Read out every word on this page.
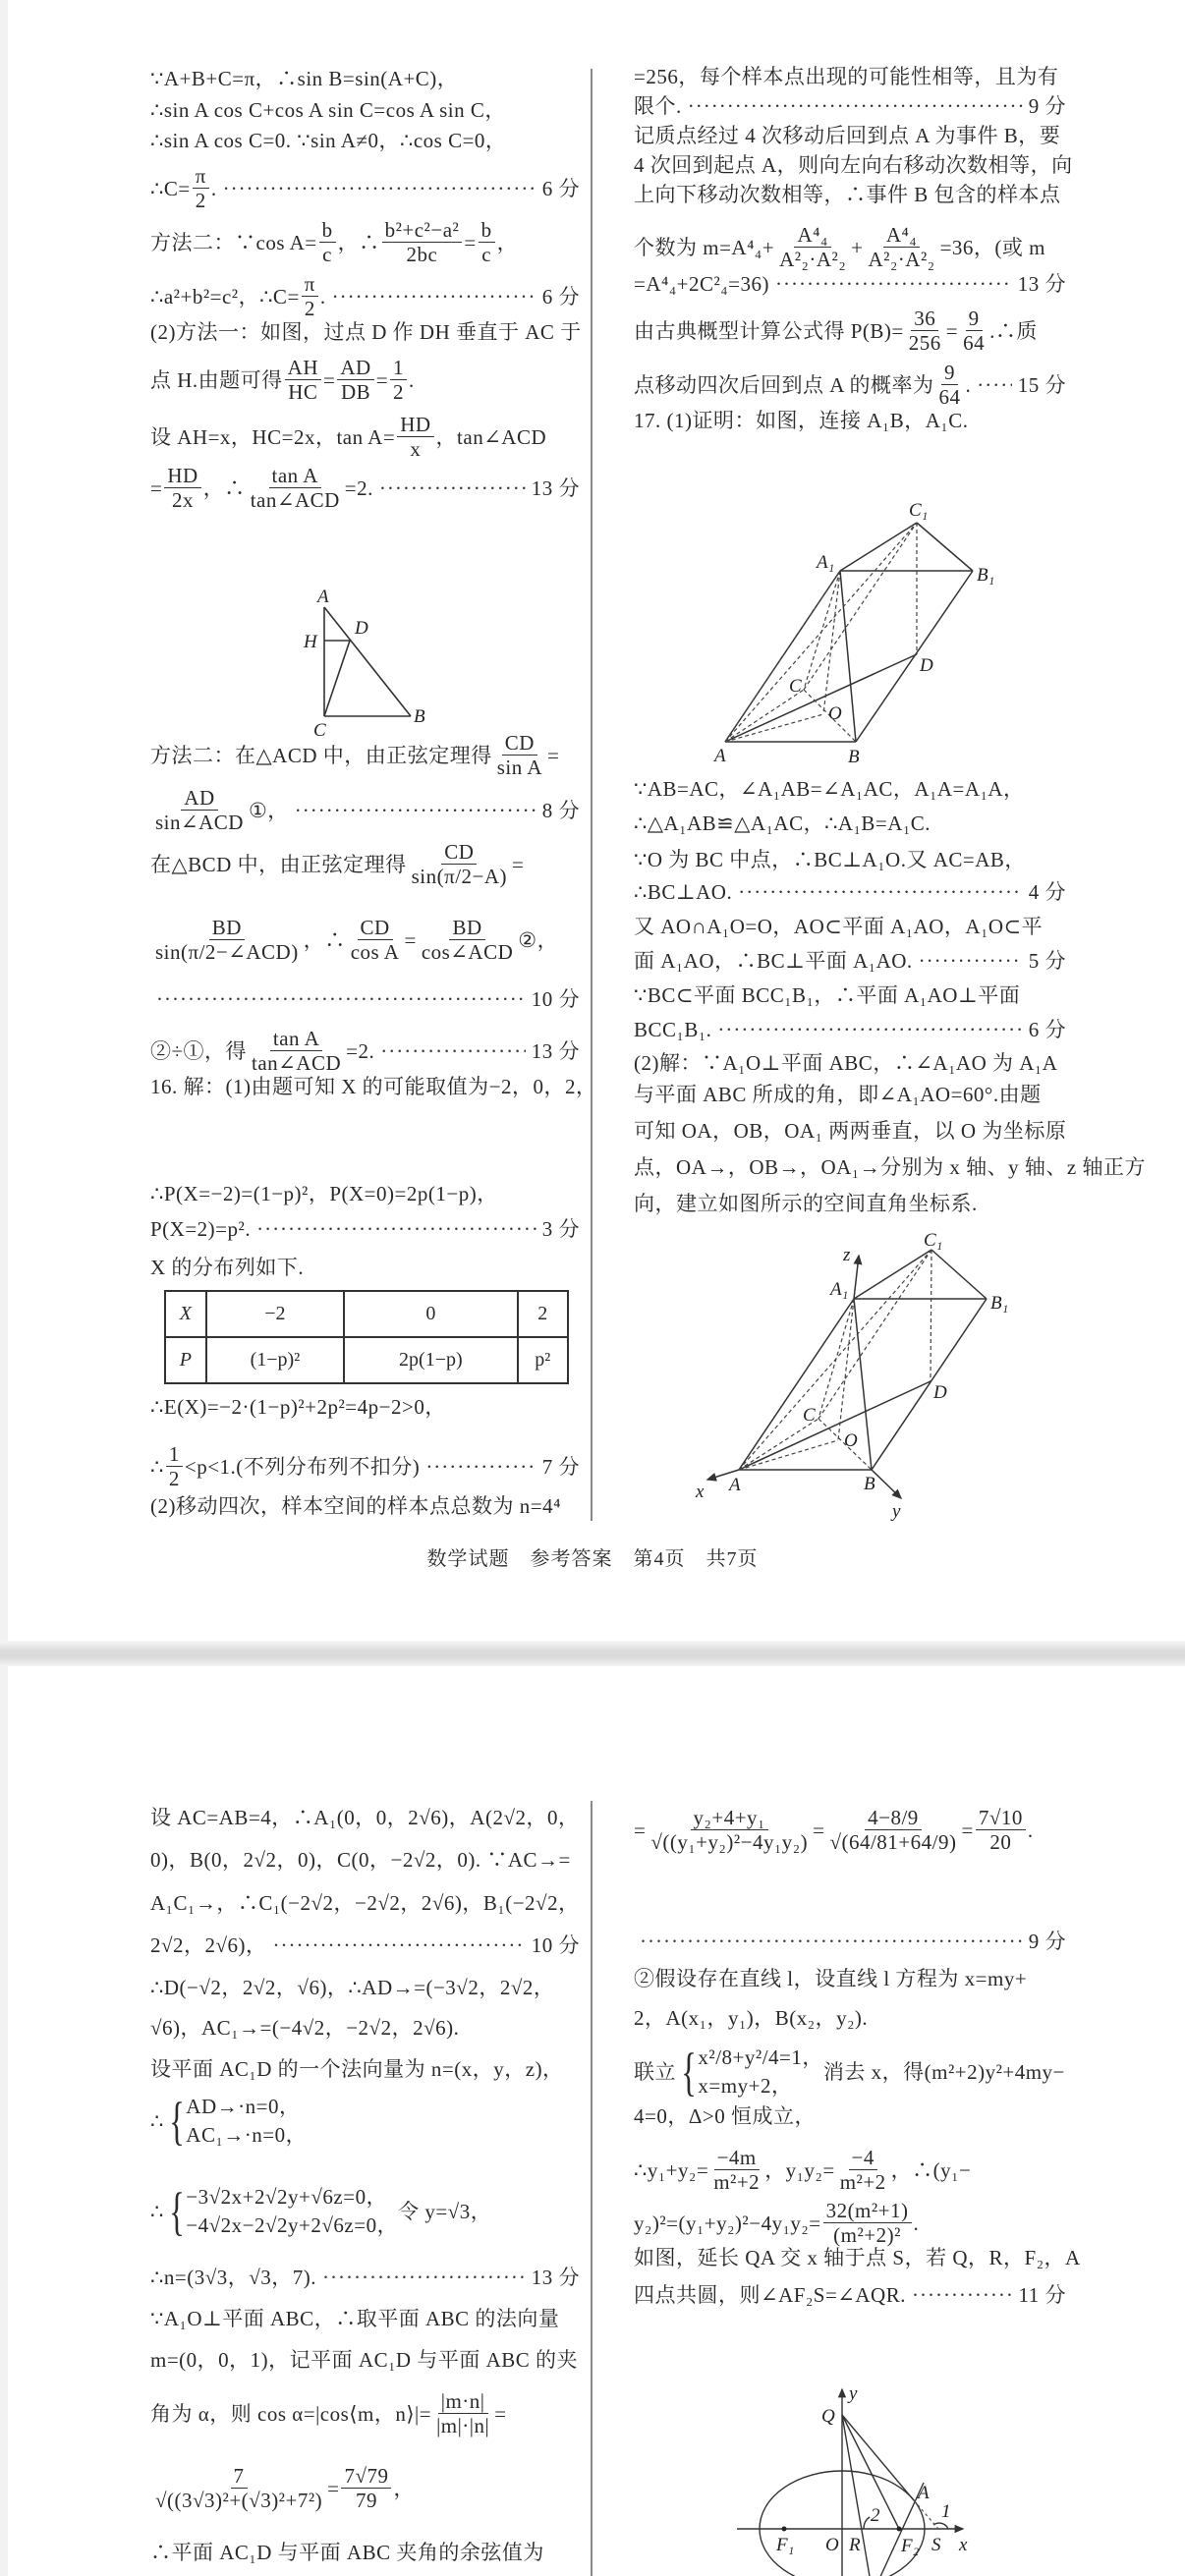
X	−2	0	2
P	(1−p)²	2p(1−p)	p²
A
H
D
C
B
C₁
A₁
B₁
D
C
O
A	B
C₁
A₁
B₁
D
C
O
A	B
x
y
z
y
Q
A
2	1
F₁ O R F₂ S x
数学试题　参考答案　第4页　共7页
∵A+B+C=π，∴sin B=sin(A+C)，
∴sin A cos C+cos A sin C=cos A sin C，
∴sin A cos C=0. ∵sin A≠0，∴cos C=0，
∴C= $\frac{\pi}{2}$ . ·····	6 分
方法二：∵cos $A= \frac{b}{c}$ ，∴ $\frac{\text{b²+c²−a²}}{2bc} = \frac{b}{c}$ ，
∴a²+b²=c²，∴C= $\frac{\pi}{2}$ . ·····	6 分
(2)方法一：如图，过点 D 作 DH 垂直于 AC 于
点 H.由题可得 $\frac{AH}{HC} = \frac{AD}{DB} = \frac{1}{2}$ .
设 AH=x，HC=2x，$\tan A= \frac{HD}{x}$ ，tan∠ACD
= $\frac{HD}{2x}$ ，∴ $\frac{\text{tan A}}{\text{tan∠ACD}} =2$. ·····	13 分
方法二：在△ACD 中，由正弦定理得 $\frac{CD}{\text{sin A}}$ =
$\frac{AD}{\text{sin∠ACD}}$ ①， ·····	8 分
在△BCD 中，由正弦定理得 $\frac{CD}{\sin(\pi/2-A)}$ =
$\frac{BD}{\text{sin(π/2−∠ACD)}}$ ，∴ $\frac{CD}{\text{cos A}} = \frac{BD}{\text{cos∠ACD}}$ ②，
·····
10 分
②÷①，得 $\frac{\text{tan A}}{\text{tan∠ACD}} =2$. ·····	13 分
16. 解：(1)由题可知 X 的可能取值为−2，0，2，
∴P(X=−2)=(1−p)²，P(X=0)=2p(1−p)，
P(X=2)=p². ·····	3 分
X 的分布列如下.
∴E(X)=−2·(1−p)²+2p²=4p−2>0，
∴ $\frac{1}{2} <p<1$.(不列分布列不扣分) ·····	7 分
(2)移动四次，样本空间的样本点总数为 n=4⁴
=256，每个样本点出现的可能性相等，且为有
限个. ·····	9 分
记质点经过 4 次移动后回到点 A 为事件 B，要
4 次回到起点 A，则向左向右移动次数相等，向
上向下移动次数相等，∴事件 B 包含的样本点
个数为 $m=A^4_4+ \frac{\text{A⁴₄}}{\text{A²₂·A²₂}} + \frac{\text{A⁴₄}}{\text{A²₂·A²₂}} =36$，(或 m
=A⁴₄+2C²₄=36) ·····	13 分
由古典概型计算公式得 $P(B)= \frac{36}{256} = \frac{9}{64}$ .∴质
点移动四次后回到点 A 的概率为 $\frac{9}{64}$ . ····· 15 分
17. (1)证明：如图，连接 A₁B，A₁C.
∵AB=AC，∠A₁AB=∠A₁AC，A₁A=A₁A，
∴△A₁AB≌△A₁AC，∴A₁B=A₁C.
∵O 为 BC 中点，∴BC⊥A₁O.又 AC=AB，
∴BC⊥AO. ·····	4 分
又 AO∩A₁O=O，AO⊂平面 A₁AO，A₁O⊂平
面 A₁AO，∴BC⊥平面 A₁AO. ·····	5 分
∵BC⊂平面 BCC₁B₁，∴平面 A₁AO⊥平面
BCC₁B₁. ·····	6 分
(2)解：∵A₁O⊥平面 ABC，∴∠A₁AO 为 A₁A
与平面 ABC 所成的角，即∠A₁AO=60°.由题
可知 OA，OB，OA₁ 两两垂直，以 O 为坐标原
点，OA→，OB→，OA₁→分别为 x 轴、y 轴、z 轴正方
向，建立如图所示的空间直角坐标系.
设 AC=AB=4，∴A₁(0，0，2√6)，A(2√2，0，
0)，B(0，2√2，0)，C(0，−2√2，0). ∵AC→=
A₁C₁→，∴C₁(−2√2，−2√2，2√6)，B₁(−2√2，
2√2，2√6)， ·····	10 分
∴D(−√2，2√2，√6)，∴AD→=(−3√2，2√2，
√6)，AC₁→=(−4√2，−2√2，2√6).
设平面 AC₁D 的一个法向量为 n=(x，y，z)，
∴ { AD→·n=0，
AC₁→·n=0，
∴ { −3√2x+2√2y+√6z=0，
−4√2x−2√2y+2√6z=0，
令 y=√3，
∴n=(3√3，√3，7). ·····	13 分
∵A₁O⊥平面 ABC，∴取平面 ABC 的法向量
m=(0，0，1)，记平面 AC₁D 与平面 ABC 的夹
角为 α，则 cos α=|cos⟨m，n⟩|= $\frac{|m\cdot n|}{|m|\cdot|n|}$ =
$\frac{7}{\text{√((3√3)²+(√3)²+7²)}} = \frac{7√79}{79}$ ，
∴平面 AC₁D 与平面 ABC 夹角的余弦值为
= $\frac{\text{y₂+4+y₁}}{\text{√((y₁+y₂)²−4y₁y₂)}} = \frac{4-8/9}{√(64/81+64/9)} = \frac{7√10}{20}$ .
·····
9 分
②假设存在直线 l，设直线 l 方程为 x=my+
2，A(x₁，y₁)，B(x₂，y₂).
联立 { x²/8+y²/4=1，
x=my+2，
消去 x，得(m²+2)y²+4my−
4=0，Δ>0 恒成立，
∴y₁+y₂= $\frac{-4m}{\text{m²+2}}$ ，$y_1y_2= \frac{-4}{\text{m²+2}}$ ，∴(y₁−
$y_2)^2=(y_1+y_2)^2-4y_1y_2= \frac{\text{32(m²+1)}}{\text{(m²+2)²}}$ .
如图，延长 QA 交 x 轴于点 S，若 Q，R，F₂，A
四点共圆，则∠AF₂S=∠AQR. ·····	11 分
